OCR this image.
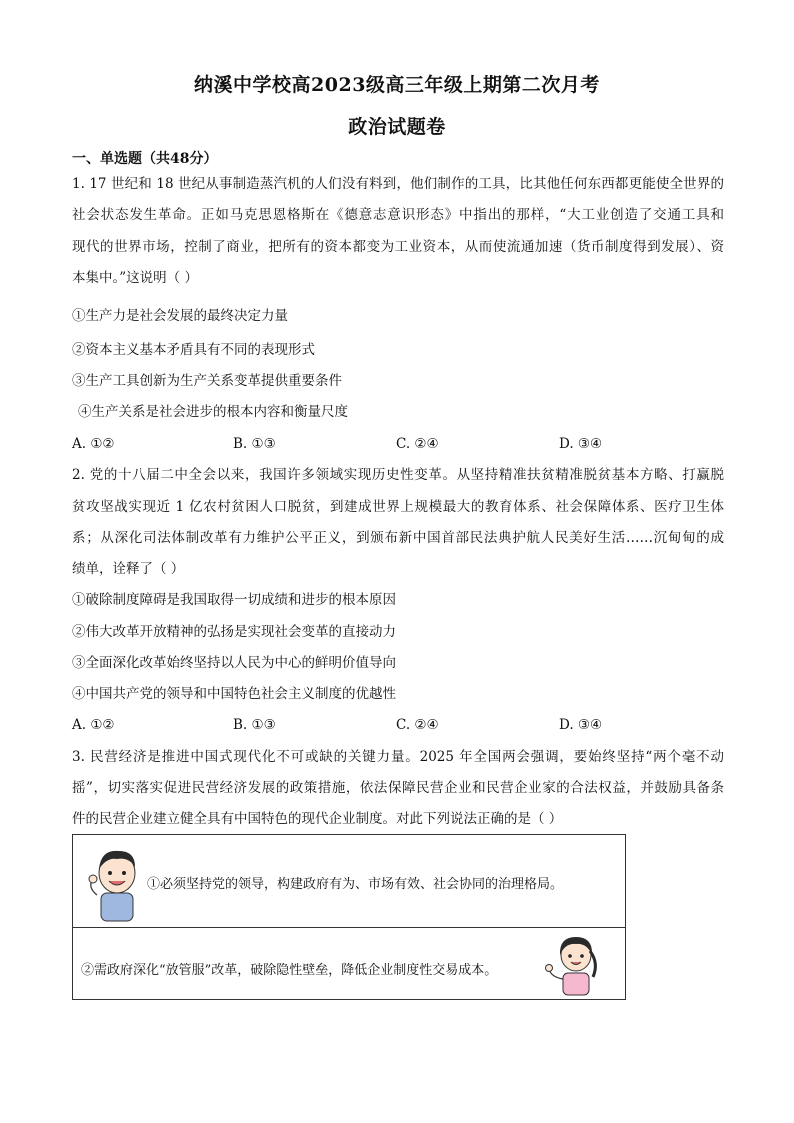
纳溪中学校高2023级高三年级上期第二次月考
政治试题卷
一、单选题（共48分）
1. 17 世纪和 18 世纪从事制造蒸汽机的人们没有料到，他们制作的工具，比其他任何东西都更能使全世界的
社会状态发生革命。正如马克思恩格斯在《德意志意识形态》中指出的那样，“大工业创造了交通工具和
现代的世界市场，控制了商业，把所有的资本都变为工业资本，从而使流通加速（货币制度得到发展）、资
本集中。”这说明（ ）
①生产力是社会发展的最终决定力量
②资本主义基本矛盾具有不同的表现形式
③生产工具创新为生产关系变革提供重要条件
④生产关系是社会进步的根本内容和衡量尺度
A. ①②	B. ①③	C. ②④	D. ③④
2. 党的十八届二中全会以来，我国许多领域实现历史性变革。从坚持精准扶贫精准脱贫基本方略、打赢脱
贫攻坚战实现近 1 亿农村贫困人口脱贫，到建成世界上规模最大的教育体系、社会保障体系、医疗卫生体
系；从深化司法体制改革有力维护公平正义，到颁布新中国首部民法典护航人民美好生活……沉甸甸的成
绩单，诠释了（ ）
①破除制度障碍是我国取得一切成绩和进步的根本原因
②伟大改革开放精神的弘扬是实现社会变革的直接动力
③全面深化改革始终坚持以人民为中心的鲜明价值导向
④中国共产党的领导和中国特色社会主义制度的优越性
A. ①②	B. ①③	C. ②④	D. ③④
3. 民营经济是推进中国式现代化不可或缺的关键力量。2025 年全国两会强调，要始终坚持“两个毫不动
摇”，切实落实促进民营经济发展的政策措施，依法保障民营企业和民营企业家的合法权益，并鼓励具备条
件的民营企业建立健全具有中国特色的现代企业制度。对此下列说法正确的是（ ）
①必须坚持党的领导，构建政府有为、市场有效、社会协同的治理格局。
②需政府深化“放管服”改革，破除隐性壁垒，降低企业制度性交易成本。
